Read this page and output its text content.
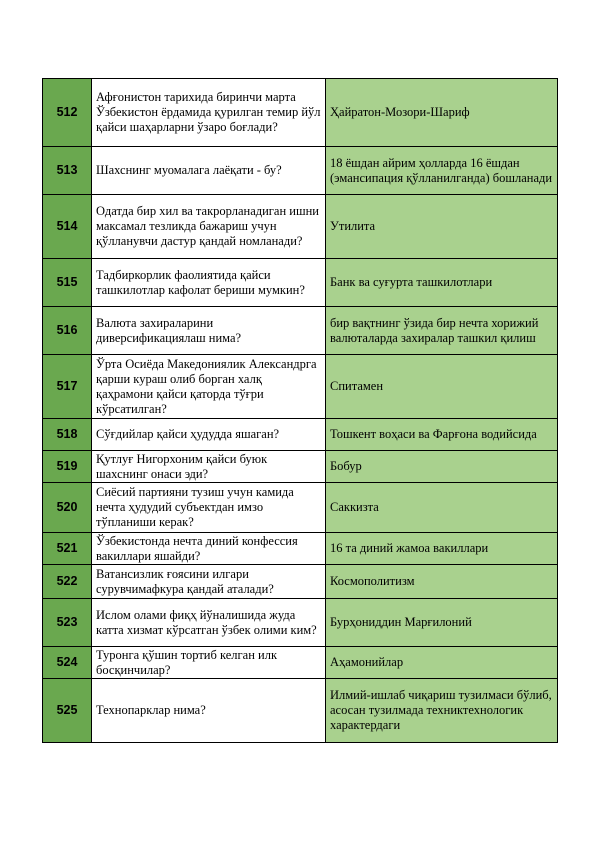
512	Афғонистон тарихида биринчи марта Ўзбекистон ёрдамида қурилган темир йўл қайси шаҳарларни ўзаро боғлади?	Ҳайратон-Мозори-Шариф
513	Шахснинг муомалага лаёқати - бу?	18 ёшдан айрим ҳолларда 16 ёшдан (эмансипация қўлланилганда) бошланади
514	Одатда бир хил ва такрорланадиган ишни максамал тезликда бажариш учун қўлланувчи дастур қандай номланади?	Утилита
515	Тадбиркорлик фаолиятида қайси ташкилотлар кафолат бериши мумкин?	Банк ва суғурта ташкилотлари
516	Валюта захираларини диверсификациялаш нима?	бир вақтнинг ўзида бир нечта хорижий валюталарда захиралар ташкил қилиш
517	Ўрта Осиёда Македониялик Александрга қарши кураш олиб борган халқ қаҳрамони қайси қаторда тўғри кўрсатилган?	Спитамен
518	Сўғдийлар қайси ҳудудда яшаган?	Тошкент воҳаси ва Фарғона водийсида
519	Қутлуғ Нигорхоним қайси буюк шахснинг онаси эди?	Бобур
520	Сиёсий партияни тузиш учун камида нечта ҳудудий субъектдан имзо тўпланиши керак?	Саккизта
521	Ўзбекистонда нечта диний конфессия вакиллари яшайди?	16 та диний жамоа вакиллари
522	Ватансизлик ғоясини илгари сурувчимафкура қандай аталади?	Космополитизм
523	Ислом олами фиқҳ йўналишида жуда катта хизмат кўрсатган ўзбек олими ким?	Бурҳониддин Марғилоний
524	Туронга қўшин тортиб келган илк босқинчилар?	Аҳамонийлар
525	Технопарклар нима?	Илмий-ишлаб чиқариш тузилмаси бўлиб, асосан тузилмада техниктехнологик характердаги
